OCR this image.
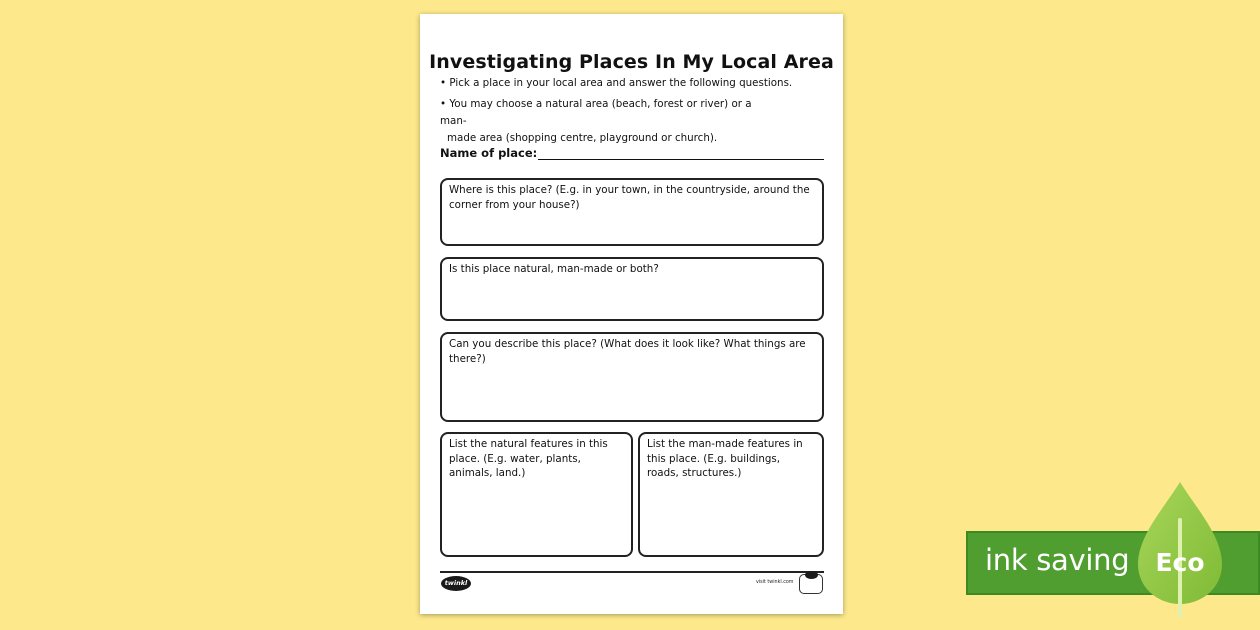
Investigating Places In My Local Area
• Pick a place in your local area and answer the following questions.
• You may choose a natural area (beach, forest or river) or a man-
made area (shopping centre, playground or church).
Name of place:
Where is this place? (E.g. in your town, in the countryside, around the corner from your house?)
Is this place natural, man-made or both?
Can you describe this place? (What does it look like? What things are there?)
List the natural features in this place. (E.g. water, plants, animals, land.)
List the man-made features in this place. (E.g. buildings, roads, structures.)
twinkl	visit twinkl.com
ink saving Eco
